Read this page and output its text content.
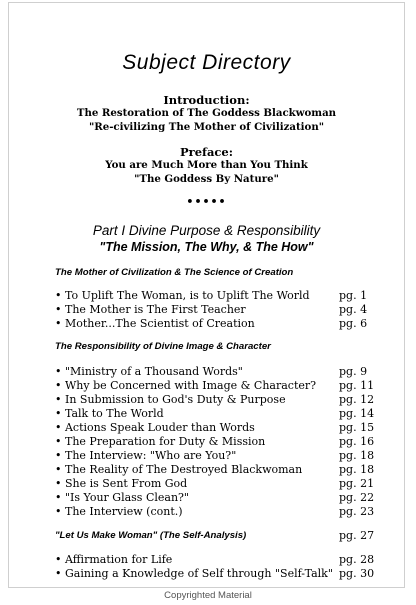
Subject Directory
Introduction:
The Restoration of The Goddess Blackwoman
"Re-civilizing The Mother of Civilization"
Preface:
You are Much More than You Think
"The Goddess By Nature"
•••••
Part I Divine Purpose & Responsibility
"The Mission, The Why, & The How"
The Mother of Civilization & The Science of Creation
• To Uplift The Woman, is to Uplift The World	pg. 1
• The Mother is The First Teacher	pg. 4
• Mother...The Scientist of Creation	pg. 6
The Responsibility of Divine Image & Character
• "Ministry of a Thousand Words"	pg. 9
• Why be Concerned with Image & Character? pg. 11
• In Submission to God's Duty & Purpose	pg. 12
• Talk to The World	pg. 14
• Actions Speak Louder than Words	pg. 15
• The Preparation for Duty & Mission	pg. 16
• The Interview: "Who are You?"	pg. 18
• The Reality of The Destroyed Blackwoman	pg. 18
• She is Sent From God	pg. 21
• "Is Your Glass Clean?"	pg. 22
• The Interview (cont.)	pg. 23
"Let Us Make Woman" (The Self-Analysis)	pg. 27
• Affirmation for Life	pg. 28
• Gaining a Knowledge of Self through "Self-Talk" pg. 30
Copyrighted Material
